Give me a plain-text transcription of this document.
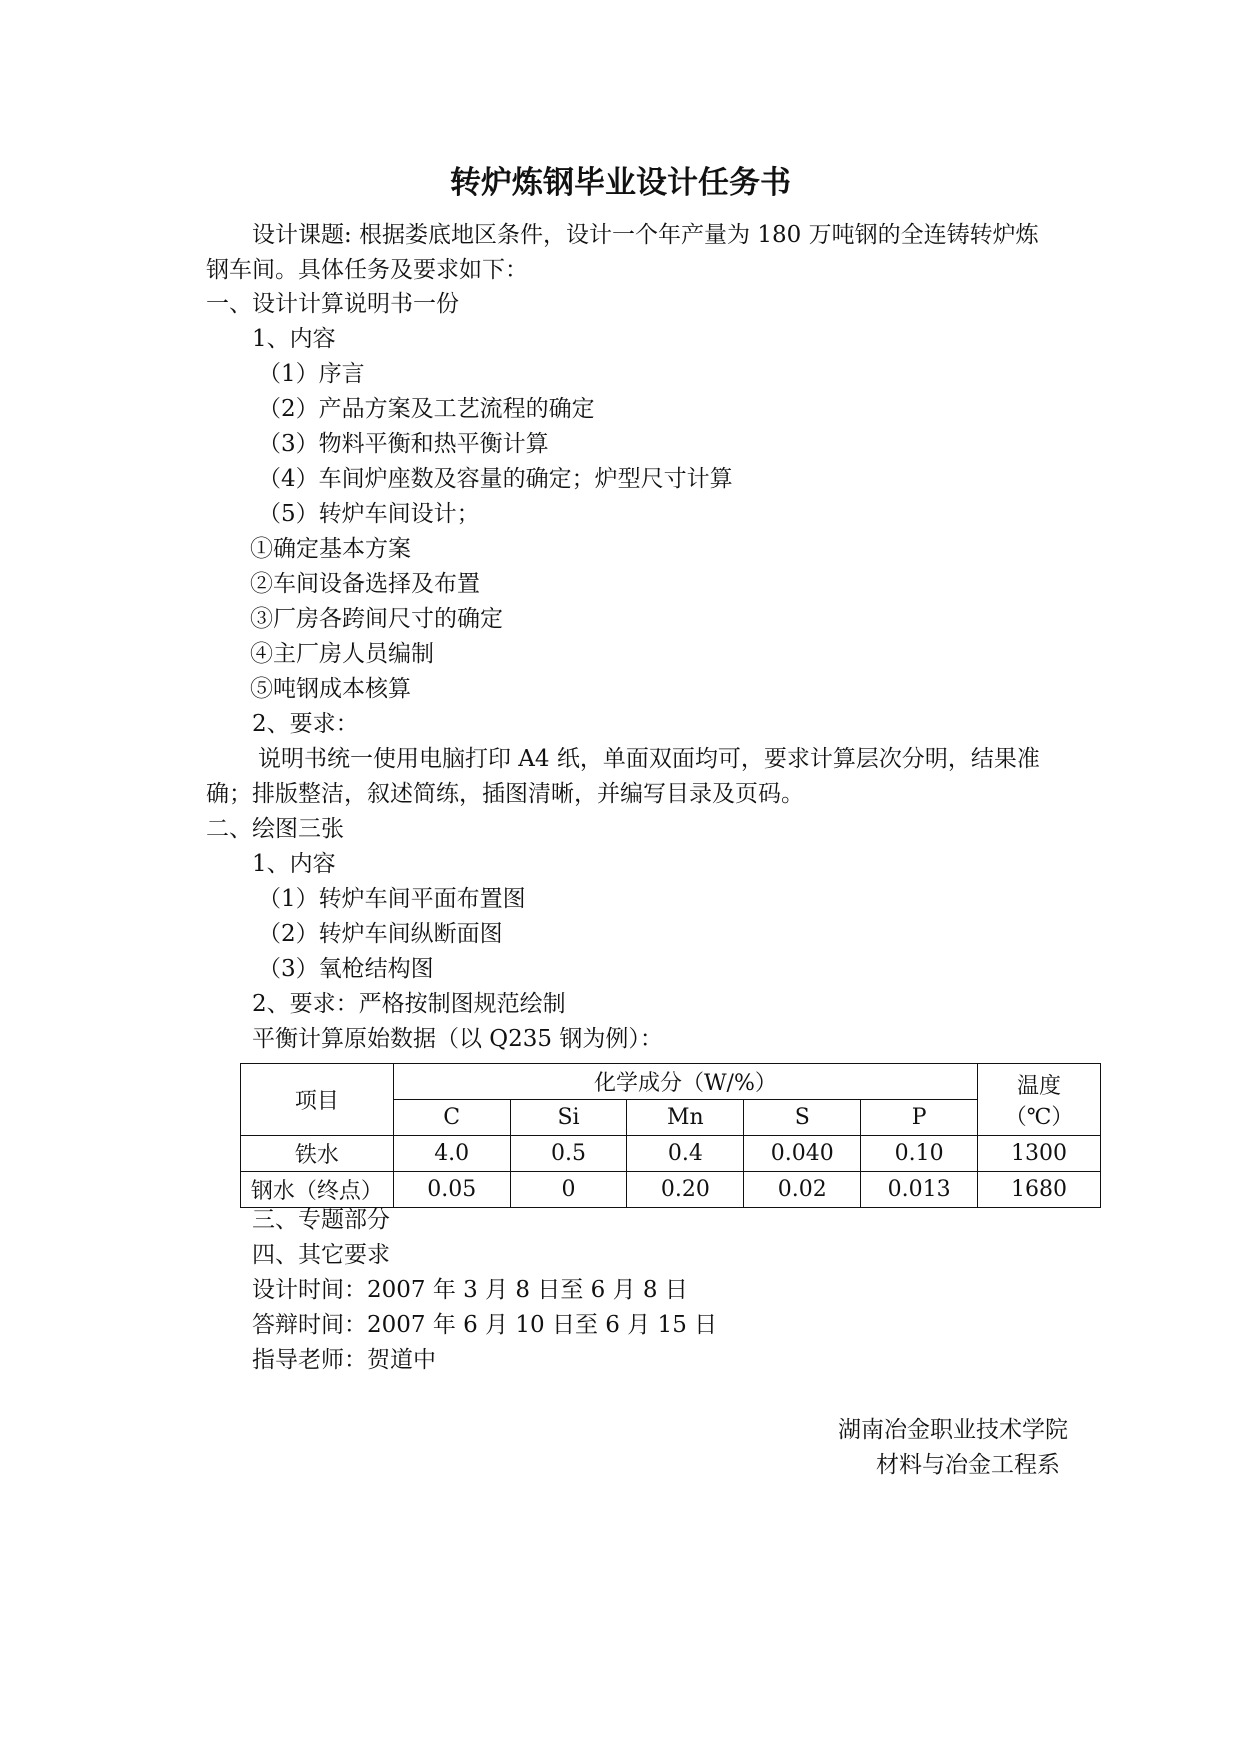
转炉炼钢毕业设计任务书
设计课题: 根据娄底地区条件，设计一个年产量为 180 万吨钢的全连铸转炉炼
钢车间。具体任务及要求如下：
一、设计计算说明书一份
1、内容
（1）序言
（2）产品方案及工艺流程的确定
（3）物料平衡和热平衡计算
（4）车间炉座数及容量的确定；炉型尺寸计算
（5）转炉车间设计；
①确定基本方案
②车间设备选择及布置
③厂房各跨间尺寸的确定
④主厂房人员编制
⑤吨钢成本核算
2、要求：
说明书统一使用电脑打印 A4 纸，单面双面均可，要求计算层次分明，结果准
确；排版整洁，叙述简练，插图清晰，并编写目录及页码。
二、绘图三张
1、内容
（1）转炉车间平面布置图
（2）转炉车间纵断面图
（3）氧枪结构图
2、要求：严格按制图规范绘制
平衡计算原始数据（以 Q235 钢为例）：
项目	化学成分（W/%）					温度
（℃）

	C	Si	Mn	S	P	
铁水	4.0	0.5	0.4	0.040	0.10	1300
钢水（终点）	0.05	0	0.20	0.02	0.013	1680
三、专题部分
四、其它要求
设计时间：2007 年 3 月 8 日至 6 月 8 日
答辩时间：2007 年 6 月 10 日至 6 月 15 日
指导老师：贺道中
湖南冶金职业技术学院
材料与冶金工程系
